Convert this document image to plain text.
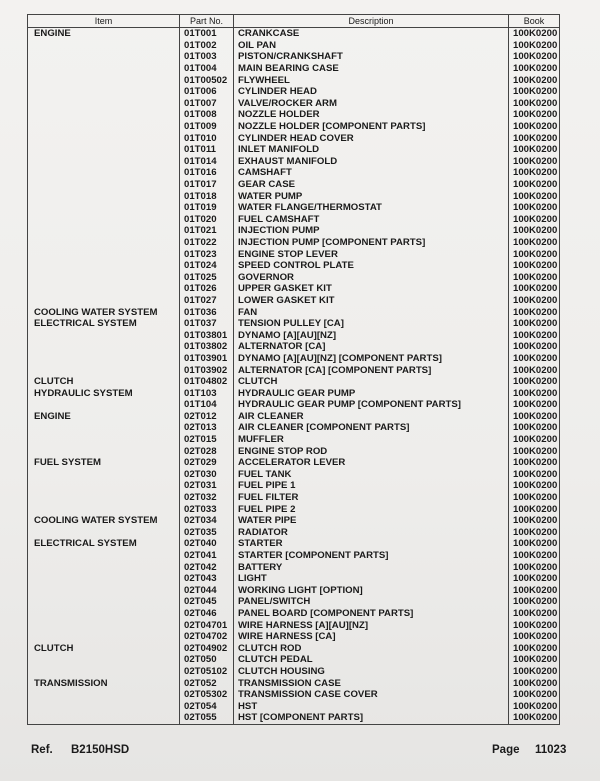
Item	Part No.	Description	Book
ENGINE	01T001	CRANKCASE	100K0200
	01T002	OIL PAN	100K0200
	01T003	PISTON/CRANKSHAFT	100K0200
	01T004	MAIN BEARING CASE	100K0200
	01T00502	FLYWHEEL	100K0200
	01T006	CYLINDER HEAD	100K0200
	01T007	VALVE/ROCKER ARM	100K0200
	01T008	NOZZLE HOLDER	100K0200
	01T009	NOZZLE HOLDER [COMPONENT PARTS]	100K0200
	01T010	CYLINDER HEAD COVER	100K0200
	01T011	INLET MANIFOLD	100K0200
	01T014	EXHAUST MANIFOLD	100K0200
	01T016	CAMSHAFT	100K0200
	01T017	GEAR CASE	100K0200
	01T018	WATER PUMP	100K0200
	01T019	WATER FLANGE/THERMOSTAT	100K0200
	01T020	FUEL CAMSHAFT	100K0200
	01T021	INJECTION PUMP	100K0200
	01T022	INJECTION PUMP [COMPONENT PARTS]	100K0200
	01T023	ENGINE STOP LEVER	100K0200
	01T024	SPEED CONTROL PLATE	100K0200
	01T025	GOVERNOR	100K0200
	01T026	UPPER GASKET KIT	100K0200
	01T027	LOWER GASKET KIT	100K0200
COOLING WATER SYSTEM	01T036	FAN	100K0200
ELECTRICAL SYSTEM	01T037	TENSION PULLEY [CA]	100K0200
	01T03801	DYNAMO [A][AU][NZ]	100K0200
	01T03802	ALTERNATOR [CA]	100K0200
	01T03901	DYNAMO [A][AU][NZ] [COMPONENT PARTS]	100K0200
	01T03902	ALTERNATOR [CA] [COMPONENT PARTS]	100K0200
CLUTCH	01T04802	CLUTCH	100K0200
HYDRAULIC SYSTEM	01T103	HYDRAULIC GEAR PUMP	100K0200
	01T104	HYDRAULIC GEAR PUMP [COMPONENT PARTS]	100K0200
ENGINE	02T012	AIR CLEANER	100K0200
	02T013	AIR CLEANER [COMPONENT PARTS]	100K0200
	02T015	MUFFLER	100K0200
	02T028	ENGINE STOP ROD	100K0200
FUEL SYSTEM	02T029	ACCELERATOR LEVER	100K0200
	02T030	FUEL TANK	100K0200
	02T031	FUEL PIPE 1	100K0200
	02T032	FUEL FILTER	100K0200
	02T033	FUEL PIPE 2	100K0200
COOLING WATER SYSTEM	02T034	WATER PIPE	100K0200
	02T035	RADIATOR	100K0200
ELECTRICAL SYSTEM	02T040	STARTER	100K0200
	02T041	STARTER [COMPONENT PARTS]	100K0200
	02T042	BATTERY	100K0200
	02T043	LIGHT	100K0200
	02T044	WORKING LIGHT [OPTION]	100K0200
	02T045	PANEL/SWITCH	100K0200
	02T046	PANEL BOARD [COMPONENT PARTS]	100K0200
	02T04701	WIRE HARNESS [A][AU][NZ]	100K0200
	02T04702	WIRE HARNESS [CA]	100K0200
CLUTCH	02T04902	CLUTCH ROD	100K0200
	02T050	CLUTCH PEDAL	100K0200
	02T05102	CLUTCH HOUSING	100K0200
TRANSMISSION	02T052	TRANSMISSION CASE	100K0200
	02T05302	TRANSMISSION CASE COVER	100K0200
	02T054	HST	100K0200
	02T055	HST [COMPONENT PARTS]	100K0200
Ref. B2150HSD	Page 11023
